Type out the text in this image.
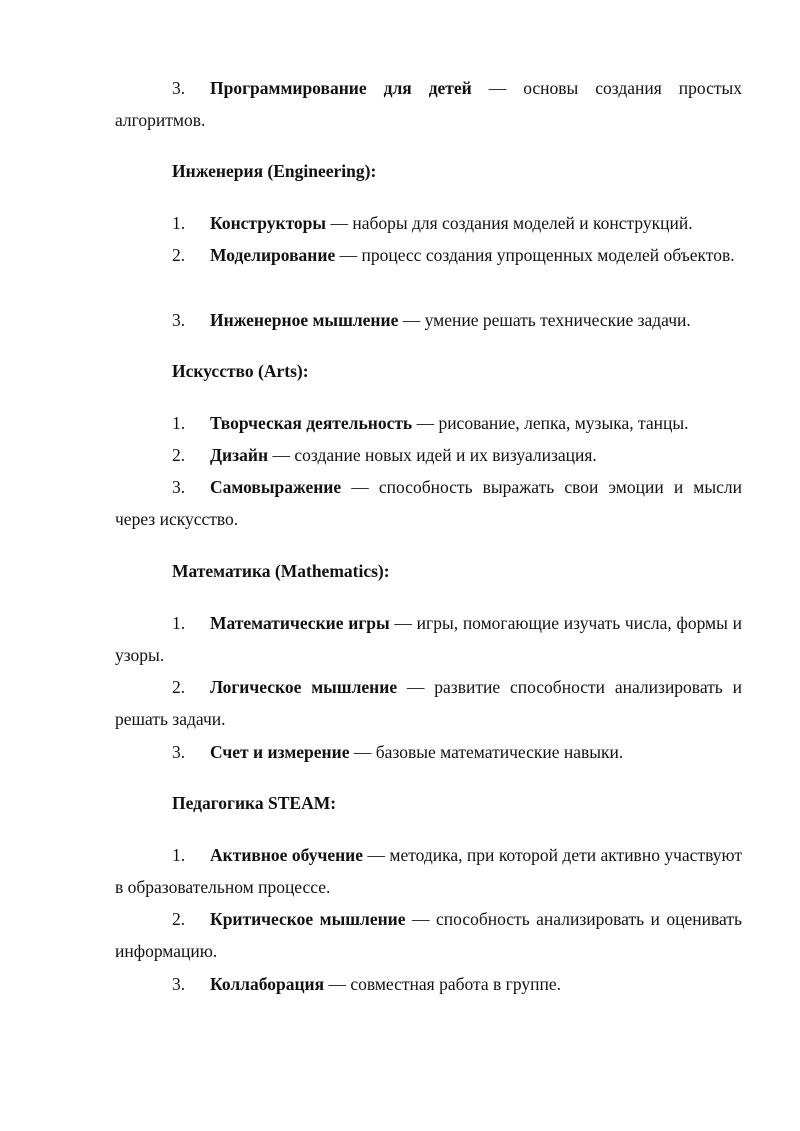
3. Программирование для детей — основы создания простых алгоритмов.

Инженерия (Engineering):

1. Конструкторы — наборы для создания моделей и конструкций.

2. Моделирование — процесс создания упрощенных моделей объектов.

3. Инженерное мышление — умение решать технические задачи.

Искусство (Arts):

1. Творческая деятельность — рисование, лепка, музыка, танцы.

2. Дизайн — создание новых идей и их визуализация.

3. Самовыражение — способность выражать свои эмоции и мысли через искусство.

Математика (Mathematics):

1. Математические игры — игры, помогающие изучать числа, формы и узоры.

2. Логическое мышление — развитие способности анализировать и решать задачи.

3. Счет и измерение — базовые математические навыки.

Педагогика STEAM:

1. Активное обучение — методика, при которой дети активно участвуют в образовательном процессе.

2. Критическое мышление — способность анализировать и оценивать информацию.

3. Коллаборация — совместная работа в группе.
